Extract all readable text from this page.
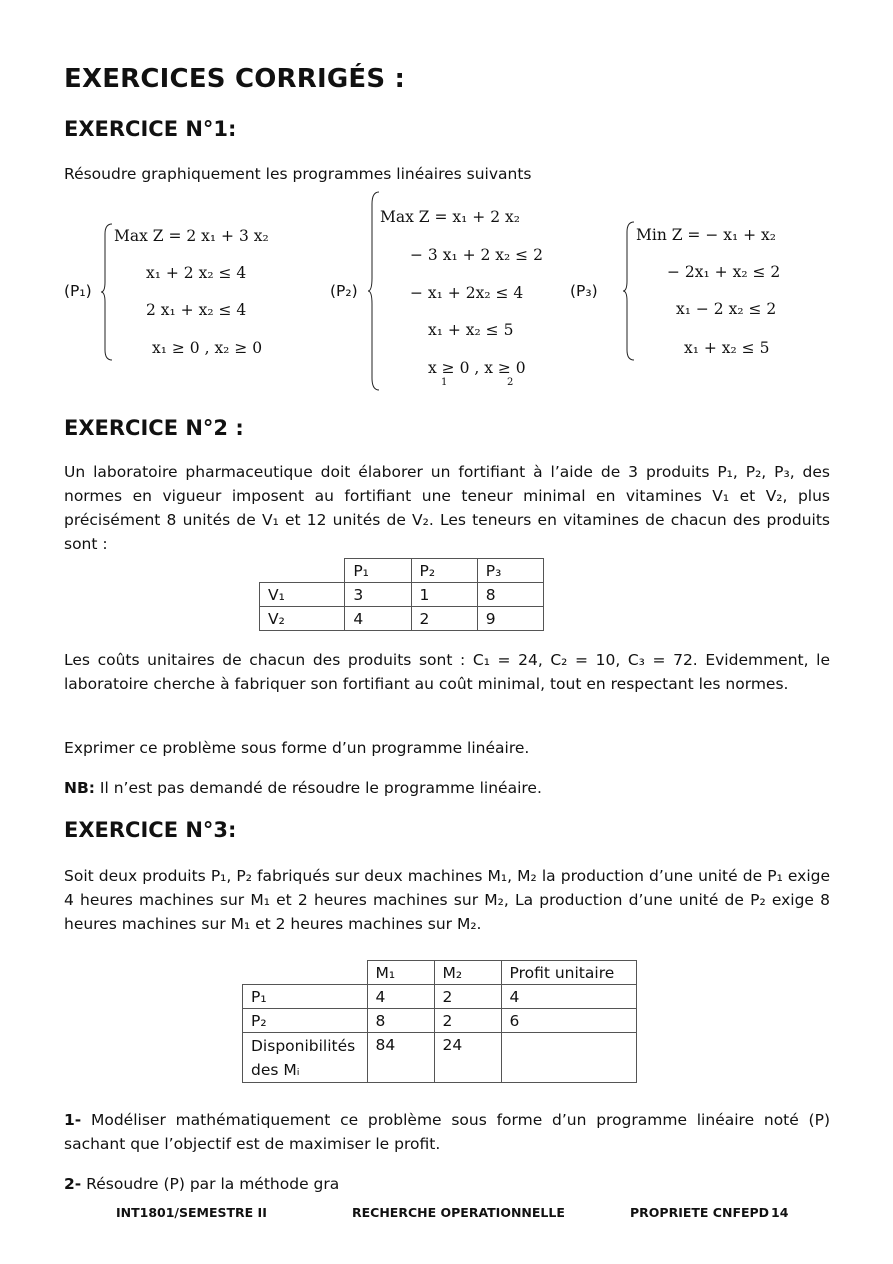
EXERCICES CORRIGÉS :
EXERCICE N°1:
Résoudre graphiquement les programmes linéaires suivants
(P₁)
Max Z = 2 x₁ + 3 x₂
x₁ + 2 x₂ ≤ 4
2 x₁ + x₂ ≤ 4
x₁ ≥ 0 , x₂ ≥ 0
(P₂)
Max Z = x₁ + 2 x₂
− 3 x₁ + 2 x₂ ≤ 2
− x₁ + 2x₂ ≤ 4
x₁ + x₂ ≤ 5
x ≥ 0 , x ≥ 0
1	2
(P₃)
Min Z = − x₁ + x₂
− 2x₁ + x₂ ≤ 2
x₁ − 2 x₂ ≤ 2
x₁ + x₂ ≤ 5
EXERCICE N°2 :
Un laboratoire pharmaceutique doit élaborer un fortifiant à l’aide de 3 produits P₁, P₂, P₃, des normes en vigueur imposent au fortifiant une teneur minimal en vitamines V₁ et V₂, plus précisément 8 unités de V₁ et 12 unités de V₂. Les teneurs en vitamines de chacun des produits sont :
	P₁	P₂	P₃
V₁	3	1	8
V₂	4	2	9
Les coûts unitaires de chacun des produits sont : C₁ = 24, C₂ = 10, C₃ = 72. Evidemment, le laboratoire cherche à fabriquer son fortifiant au coût minimal, tout en respectant les normes.
Exprimer ce problème sous forme d’un programme linéaire.
NB: Il n’est pas demandé de résoudre le programme linéaire.
EXERCICE N°3:
Soit deux produits P₁, P₂ fabriqués sur deux machines M₁, M₂ la production d’une unité de P₁ exige 4 heures machines sur M₁ et 2 heures machines sur M₂, La production d’une unité de P₂ exige 8 heures machines sur M₁ et 2 heures machines sur M₂.
	M₁	M₂	Profit unitaire
P₁	4	2	4
P₂	8	2	6
Disponibilités des Mᵢ	84	24	
1- Modéliser mathématiquement ce problème sous forme d’un programme linéaire noté (P) sachant que l’objectif est de maximiser le profit.
2- Résoudre (P) par la méthode gra
INT1801/SEMESTRE II	RECHERCHE OPERATIONNELLE	PROPRIETE CNFEPD 14
